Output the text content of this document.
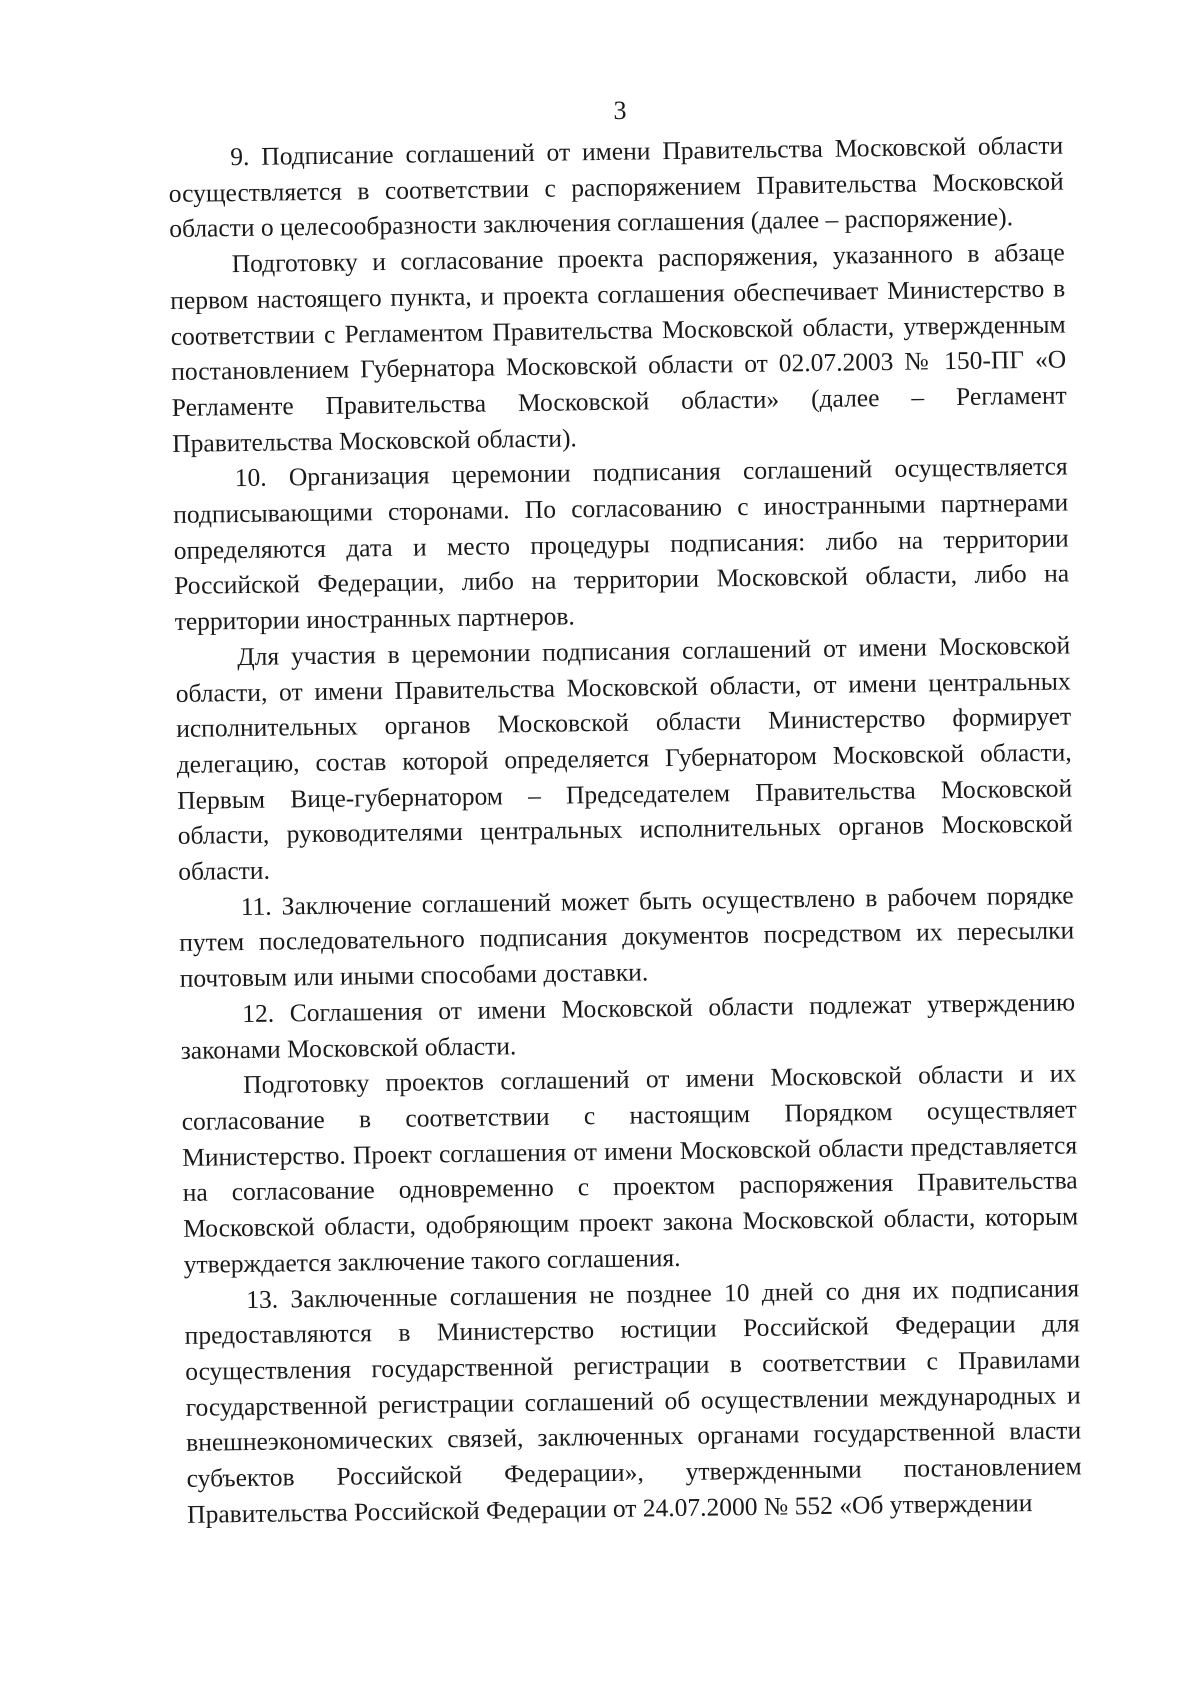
3

9. Подписание соглашений от имени Правительства Московской области осуществляется в соответствии с распоряжением Правительства Московской области о целесообразности заключения соглашения (далее – распоряжение).

Подготовку и согласование проекта распоряжения, указанного в абзаце первом настоящего пункта, и проекта соглашения обеспечивает Министерство в соответствии с Регламентом Правительства Московской области, утвержденным постановлением Губернатора Московской области от 02.07.2003 № 150-ПГ «О Регламенте Правительства Московской области» (далее – Регламент Правительства Московской области).

10. Организация церемонии подписания соглашений осуществляется подписывающими сторонами. По согласованию с иностранными партнерами определяются дата и место процедуры подписания: либо на территории Российской Федерации, либо на территории Московской области, либо на территории иностранных партнеров.

Для участия в церемонии подписания соглашений от имени Московской области, от имени Правительства Московской области, от имени центральных исполнительных органов Московской области Министерство формирует делегацию, состав которой определяется Губернатором Московской области, Первым Вице-губернатором – Председателем Правительства Московской области, руководителями центральных исполнительных органов Московской области.

11. Заключение соглашений может быть осуществлено в рабочем порядке путем последовательного подписания документов посредством их пересылки почтовым или иными способами доставки.

12. Соглашения от имени Московской области подлежат утверждению законами Московской области.

Подготовку проектов соглашений от имени Московской области и их согласование в соответствии с настоящим Порядком осуществляет Министерство. Проект соглашения от имени Московской области представляется на согласование одновременно с проектом распоряжения Правительства Московской области, одобряющим проект закона Московской области, которым утверждается заключение такого соглашения.

13. Заключенные соглашения не позднее 10 дней со дня их подписания предоставляются в Министерство юстиции Российской Федерации для осуществления государственной регистрации в соответствии с Правилами государственной регистрации соглашений об осуществлении международных и внешнеэкономических связей, заключенных органами государственной власти субъектов Российской Федерации», утвержденными постановлением Правительства Российской Федерации от 24.07.2000 № 552 «Об утверждении
